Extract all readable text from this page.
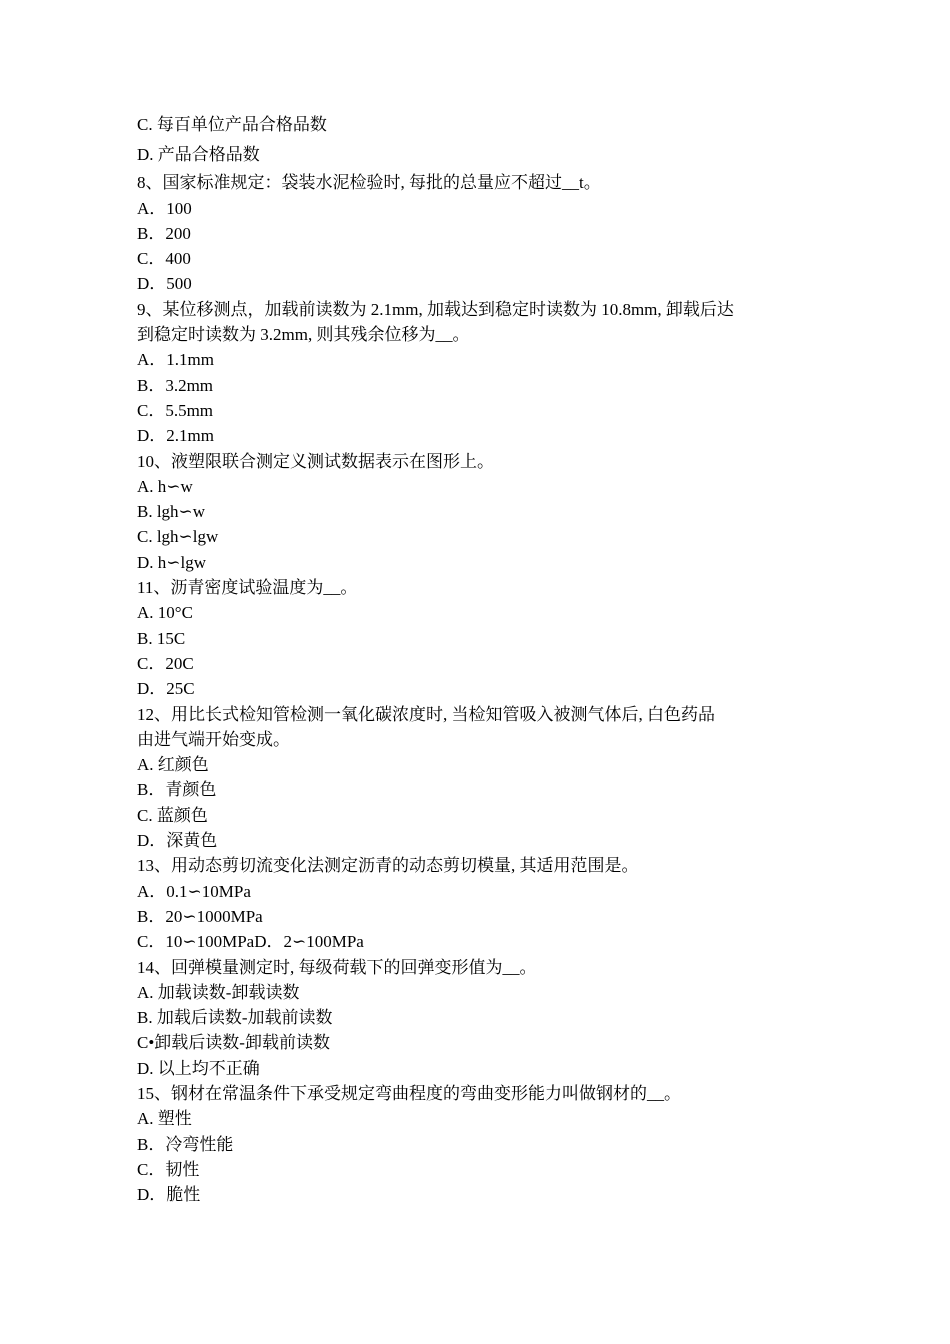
C. 每百单位产品合格品数
D. 产品合格品数
8、国家标准规定：袋装水泥检验时, 每批的总量应不超过__t。
A．100
B．200
C．400
D．500
9、某位移测点，加载前读数为 2.1mm, 加载达到稳定时读数为 10.8mm, 卸载后达
到稳定时读数为 3.2mm, 则其残余位移为__。
A．1.1mm
B．3.2mm
C．5.5mm
D．2.1mm
10、液塑限联合测定义测试数据表示在图形上。
A. h∽w
B. lgh∽w
C. lgh∽lgw
D. h∽lgw
11、沥青密度试验温度为__。
A. 10°C
B. 15C
C．20C
D．25C
12、用比长式检知管检测一氧化碳浓度时, 当检知管吸入被测气体后, 白色药品
由进气端开始变成。
A. 红颜色
B．青颜色
C. 蓝颜色
D．深黄色
13、用动态剪切流变化法测定沥青的动态剪切模量, 其适用范围是。
A．0.1∽10MPa
B．20∽1000MPa
C．10∽100MPaD．2∽100MPa
14、回弹模量测定时, 每级荷载下的回弹变形值为__。
A. 加载读数-卸载读数
B. 加载后读数-加载前读数
C•卸载后读数-卸载前读数
D. 以上均不正确
15、钢材在常温条件下承受规定弯曲程度的弯曲变形能力叫做钢材的__。
A. 塑性
B．冷弯性能
C．韧性
D．脆性
